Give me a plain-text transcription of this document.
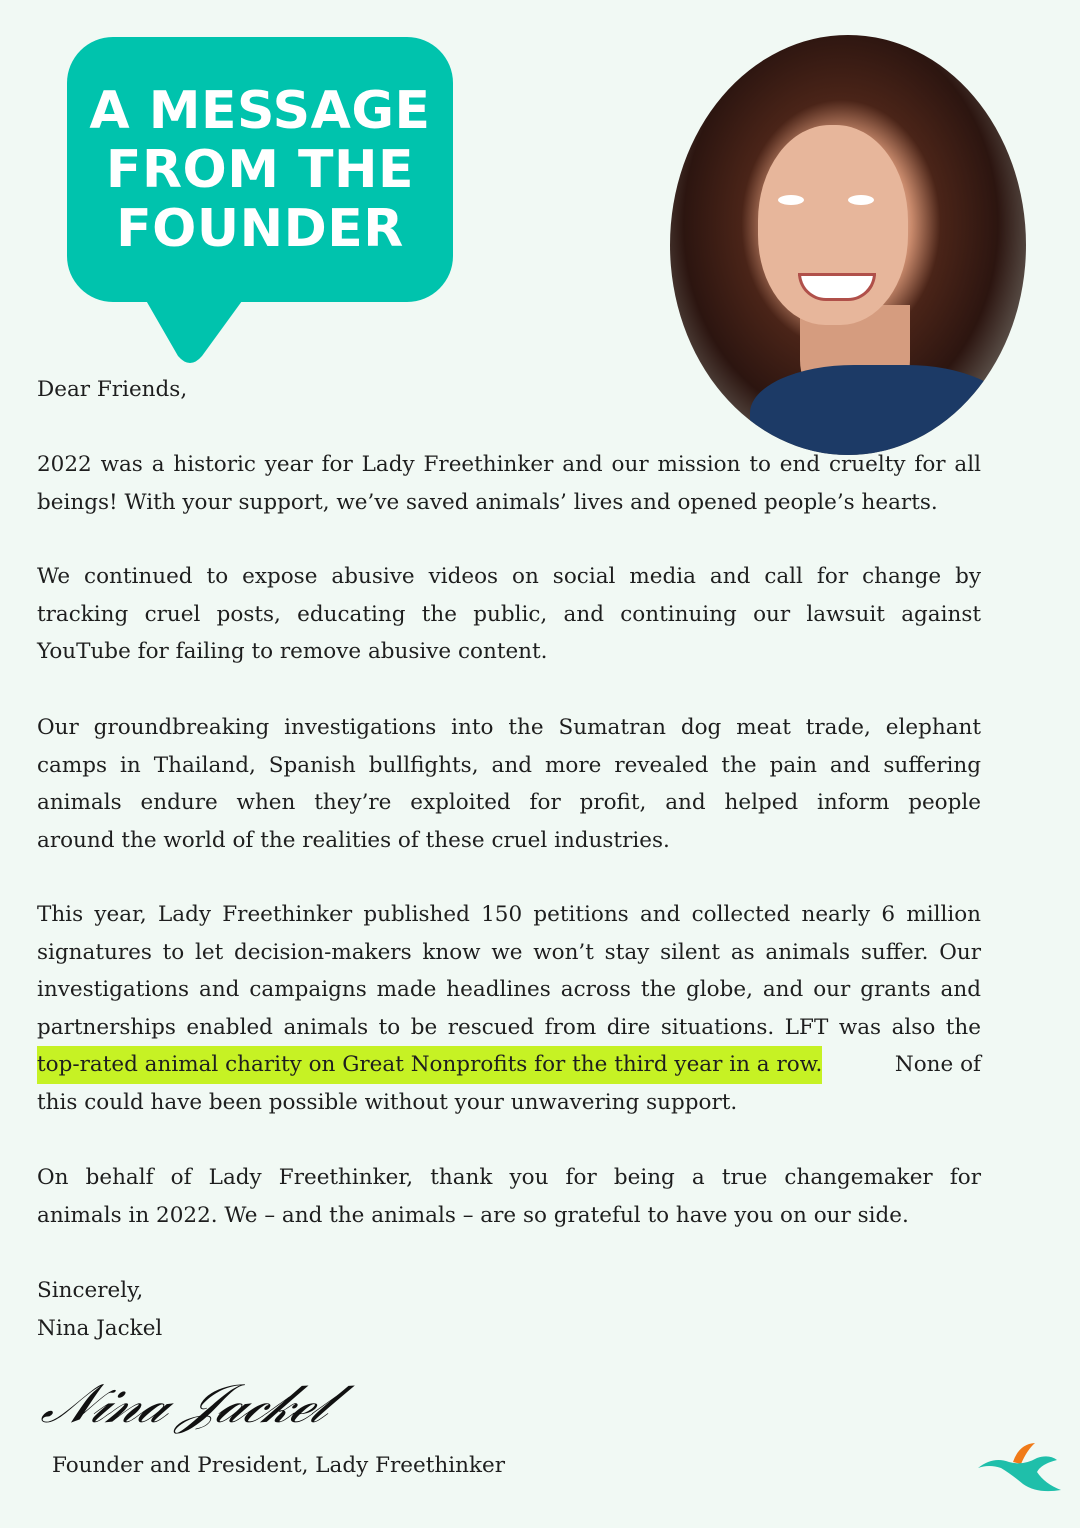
A MESSAGE
FROM THE
FOUNDER
Dear Friends,
2022 was a historic year for Lady Freethinker and our mission to end cruelty for all
beings! With your support, we’ve saved animals’ lives and opened people’s hearts.
We continued to expose abusive videos on social media and call for change by
tracking cruel posts, educating the public, and continuing our lawsuit against
YouTube for failing to remove abusive content.
Our groundbreaking investigations into the Sumatran dog meat trade, elephant
camps in Thailand, Spanish bullfights, and more revealed the pain and suffering
animals endure when they’re exploited for profit, and helped inform people
around the world of the realities of these cruel industries.
This year, Lady Freethinker published 150 petitions and collected nearly 6 million
signatures to let decision-makers know we won’t stay silent as animals suffer. Our
investigations and campaigns made headlines across the globe, and our grants and
partnerships enabled animals to be rescued from dire situations. LFT was also the
top-rated animal charity on Great Nonprofits for the third year in a row.	None of
this could have been possible without your unwavering support.
On behalf of Lady Freethinker, thank you for being a true changemaker for
animals in 2022. We – and the animals – are so grateful to have you on our side.
Sincerely,
Nina Jackel
𝒩𝒾𝓃𝒶 𝒥𝒶𝒸𝓀ℯ𝓁
Founder and President, Lady Freethinker
